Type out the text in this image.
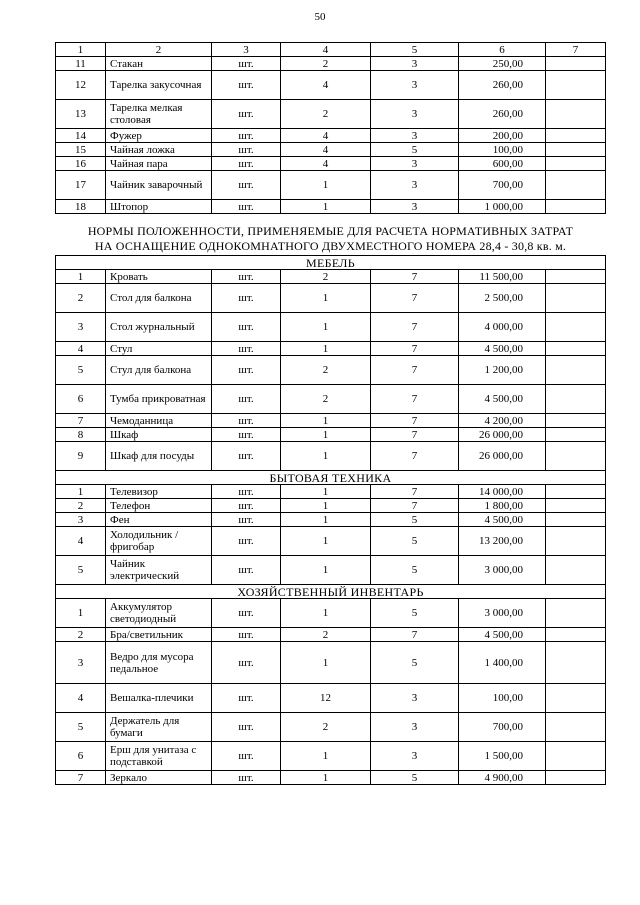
50
1	2	3	4	5	6	7
11	Стакан	шт.	2	3	250,00	
12	Тарелка закусочная	шт.	4	3	260,00	
13	Тарелка мелкая столовая	шт.	2	3	260,00	
14	Фужер	шт.	4	3	200,00	
15	Чайная ложка	шт.	4	5	100,00	
16	Чайная пара	шт.	4	3	600,00	
17	Чайник заварочный	шт.	1	3	700,00	
18	Штопор	шт.	1	3	1 000,00	

НОРМЫ ПОЛОЖЕННОСТИ, ПРИМЕНЯЕМЫЕ ДЛЯ РАСЧЕТА НОРМАТИВНЫХ ЗАТРАТ
НА ОСНАЩЕНИЕ ОДНОКОМНАТНОГО ДВУХМЕСТНОГО НОМЕРА 28,4 - 30,8 кв. м.						

МЕБЕЛЬ						
1	Кровать	шт.	2	7	11 500,00	
2	Стол для балкона	шт.	1	7	2 500,00	
3	Стол журнальный	шт.	1	7	4 000,00	
4	Стул	шт.	1	7	4 500,00	
5	Стул для балкона	шт.	2	7	1 200,00	
6	Тумба прикроватная	шт.	2	7	4 500,00	
7	Чемоданница	шт.	1	7	4 200,00	
8	Шкаф	шт.	1	7	26 000,00	
9	Шкаф для посуды	шт.	1	7	26 000,00	
БЫТОВАЯ ТЕХНИКА						
1	Телевизор	шт.	1	7	14 000,00	
2	Телефон	шт.	1	7	1 800,00	
3	Фен	шт.	1	5	4 500,00	
4	Холодильник / фригобар	шт.	1	5	13 200,00	
5	Чайник электрический	шт.	1	5	3 000,00	
ХОЗЯЙСТВЕННЫЙ ИНВЕНТАРЬ						
1	Аккумулятор светодиодный	шт.	1	5	3 000,00	
2	Бра/светильник	шт.	2	7	4 500,00	
3	Ведро для мусора педальное	шт.	1	5	1 400,00	
4	Вешалка-плечики	шт.	12	3	100,00	
5	Держатель для бумаги	шт.	2	3	700,00	
6	Ерш для унитаза с подставкой	шт.	1	3	1 500,00	
7	Зеркало	шт.	1	5	4 900,00	
